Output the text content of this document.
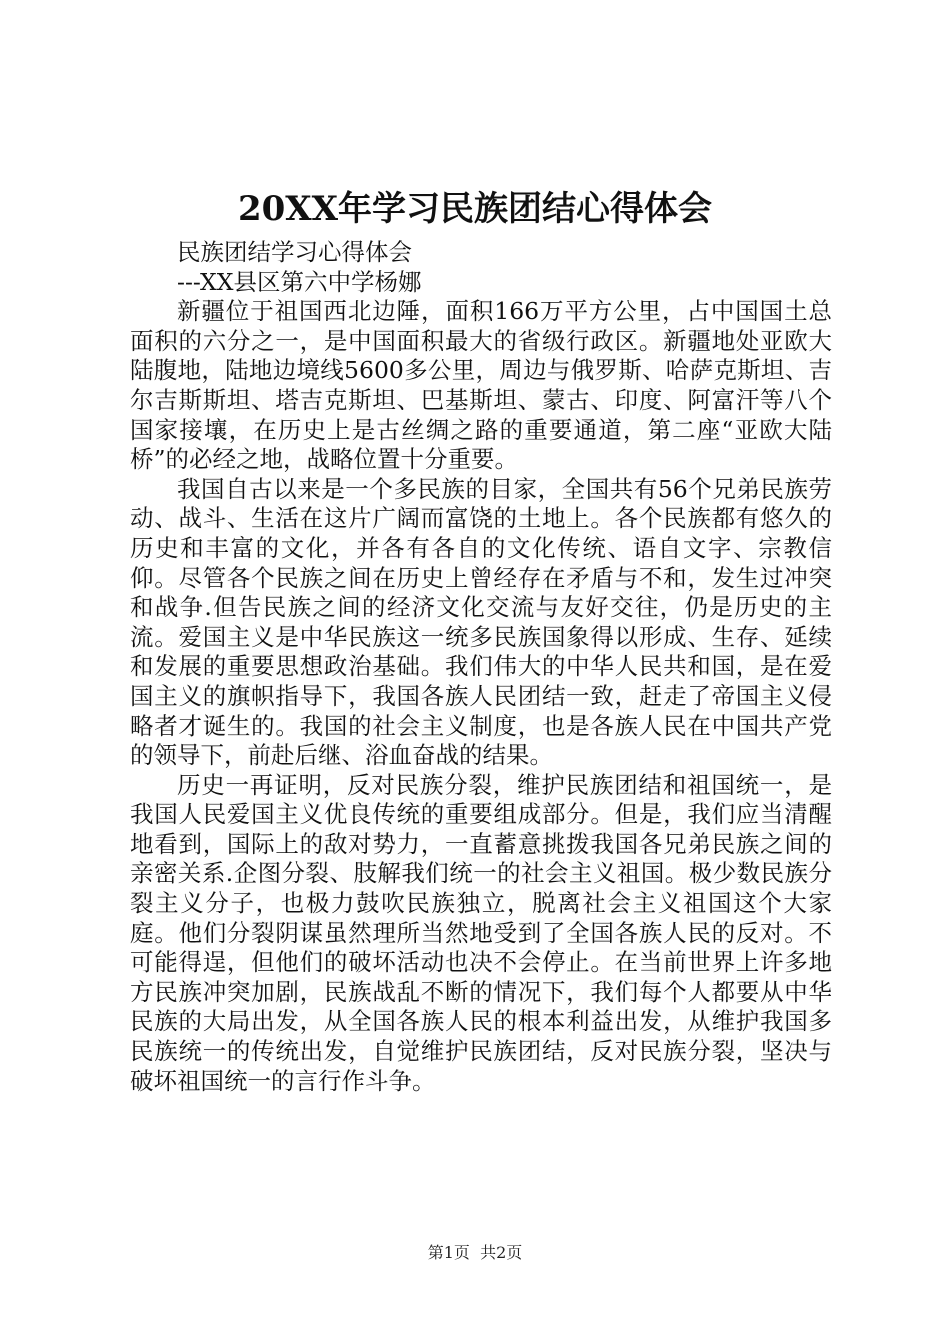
20XX年学习民族团结心得体会

民族团结学习心得体会

---XX县区第六中学杨娜

新疆位于祖国西北边陲，面积166万平方公里，占中国国土总面积的六分之一，是中国面积最大的省级行政区。新疆地处亚欧大陆腹地，陆地边境线5600多公里，周边与俄罗斯、哈萨克斯坦、吉尔吉斯斯坦、塔吉克斯坦、巴基斯坦、蒙古、印度、阿富汗等八个国家接壤，在历史上是古丝绸之路的重要通道，第二座“亚欧大陆桥”的必经之地，战略位置十分重要。

我国自古以来是一个多民族的目家，全国共有56个兄弟民族劳动、战斗、生活在这片广阔而富饶的土地上。各个民族都有悠久的历史和丰富的文化，并各有各自的文化传统、语自文字、宗教信仰。尽管各个民族之间在历史上曾经存在矛盾与不和，发生过冲突和战争.但告民族之间的经济文化交流与友好交往，仍是历史的主流。爱国主义是中华民族这一统多民族国象得以形成、生存、延续和发展的重要思想政治基础。我们伟大的中华人民共和国，是在爱国主义的旗帜指导下，我国各族人民团结一致，赶走了帝国主义侵略者才诞生的。我国的社会主义制度，也是各族人民在中国共产党的领导下，前赴后继、浴血奋战的结果。

历史一再证明，反对民族分裂，维护民族团结和祖国统一，是我国人民爱国主义优良传统的重要组成部分。但是，我们应当清醒地看到，国际上的敌对势力，一直蓄意挑拨我国各兄弟民族之间的亲密关系.企图分裂、肢解我们统一的社会主义祖国。极少数民族分裂主义分子，也极力鼓吹民族独立，脱离社会主义祖国这个大家庭。他们分裂阴谋虽然理所当然地受到了全国各族人民的反对。不可能得逞，但他们的破坏活动也决不会停止。在当前世界上许多地方民族冲突加剧，民族战乱不断的情况下，我们每个人都要从中华民族的大局出发，从全国各族人民的根本利益出发，从维护我国多民族统一的传统出发，自觉维护民族团结，反对民族分裂，坚决与破坏祖国统一的言行作斗争。

第1页  共2页
